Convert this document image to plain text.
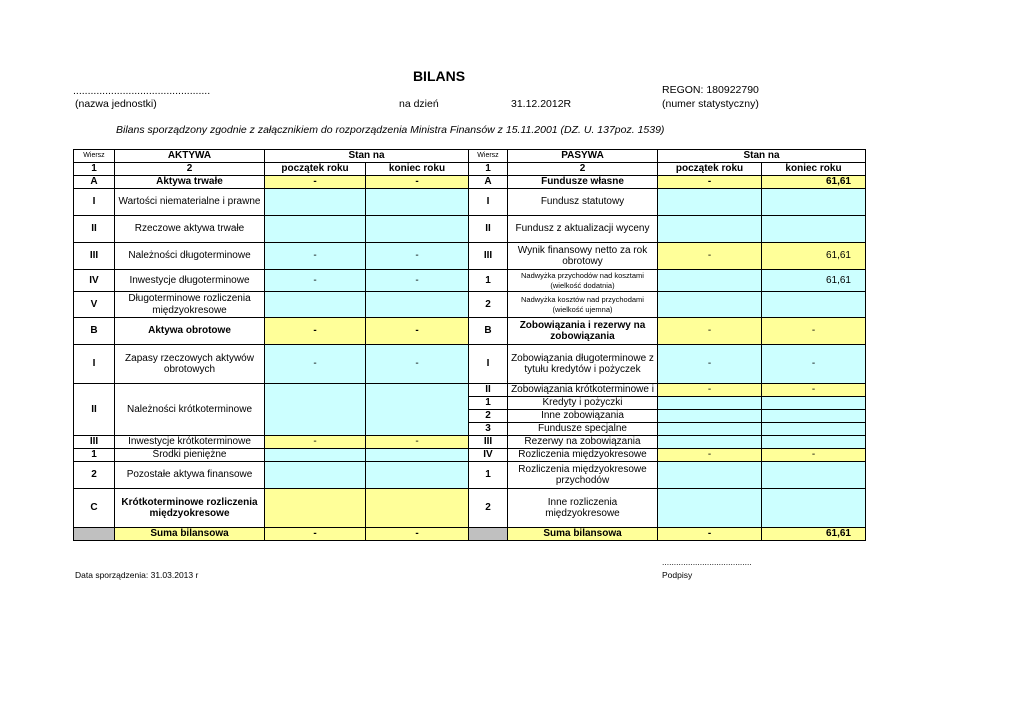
BILANS
...............................................
(nazwa jednostki)	na dzień	31.12.2012R
REGON: 180922790
(numer statystyczny)
Bilans sporządzony zgodnie z załącznikiem do rozporządzenia Ministra Finansów z 15.11.2001 (DZ. U. 137poz. 1539)
Wiersz	AKTYWA	Stan na		Wiersz	PASYWA	Stan na	
1	2	początek roku	koniec roku	1	2	początek roku	koniec roku
A	Aktywa trwałe	-	-	A	Fundusze własne	-	61,61
I	Wartości niematerialne i prawne			I	Fundusz statutowy		
II	Rzeczowe aktywa trwałe			II	Fundusz z aktualizacji wyceny		
III	Należności długoterminowe	-	-	III	Wynik finansowy netto za rok obrotowy	-	61,61
IV	Inwestycje długoterminowe	-	-	1	Nadwyżka przychodów nad kosztami (wielkość dodatnia)		61,61
V	Długoterminowe rozliczenia międzyokresowe			2	Nadwyżka kosztów nad przychodami (wielkość ujemna)		
B	Aktywa obrotowe	-	-	B	Zobowiązania i rezerwy na zobowiązania	-	-
I	Zapasy rzeczowych aktywów obrotowych	-	-	I	Zobowiązania długoterminowe z tytułu kredytów i pożyczek	-	-
II	Należności krótkoterminowe			II	Zobowiązania krótkoterminowe i	-	-
				1	Kredyty i pożyczki		
				2	Inne zobowiązania		
				3	Fundusze specjalne		
III	Inwestycje krótkoterminowe	-	-	III	Rezerwy na zobowiązania		
1	Środki pieniężne			IV	Rozliczenia międzyokresowe	-	-
2	Pozostałe aktywa finansowe			1	Rozliczenia międzyokresowe przychodów		
C	Krótkoterminowe rozliczenia międzyokresowe			2	Inne rozliczenia międzyokresowe		
	Suma bilansowa	-	-		Suma bilansowa	-	61,61
......................................
Podpisy
Data sporządzenia: 31.03.2013 r
